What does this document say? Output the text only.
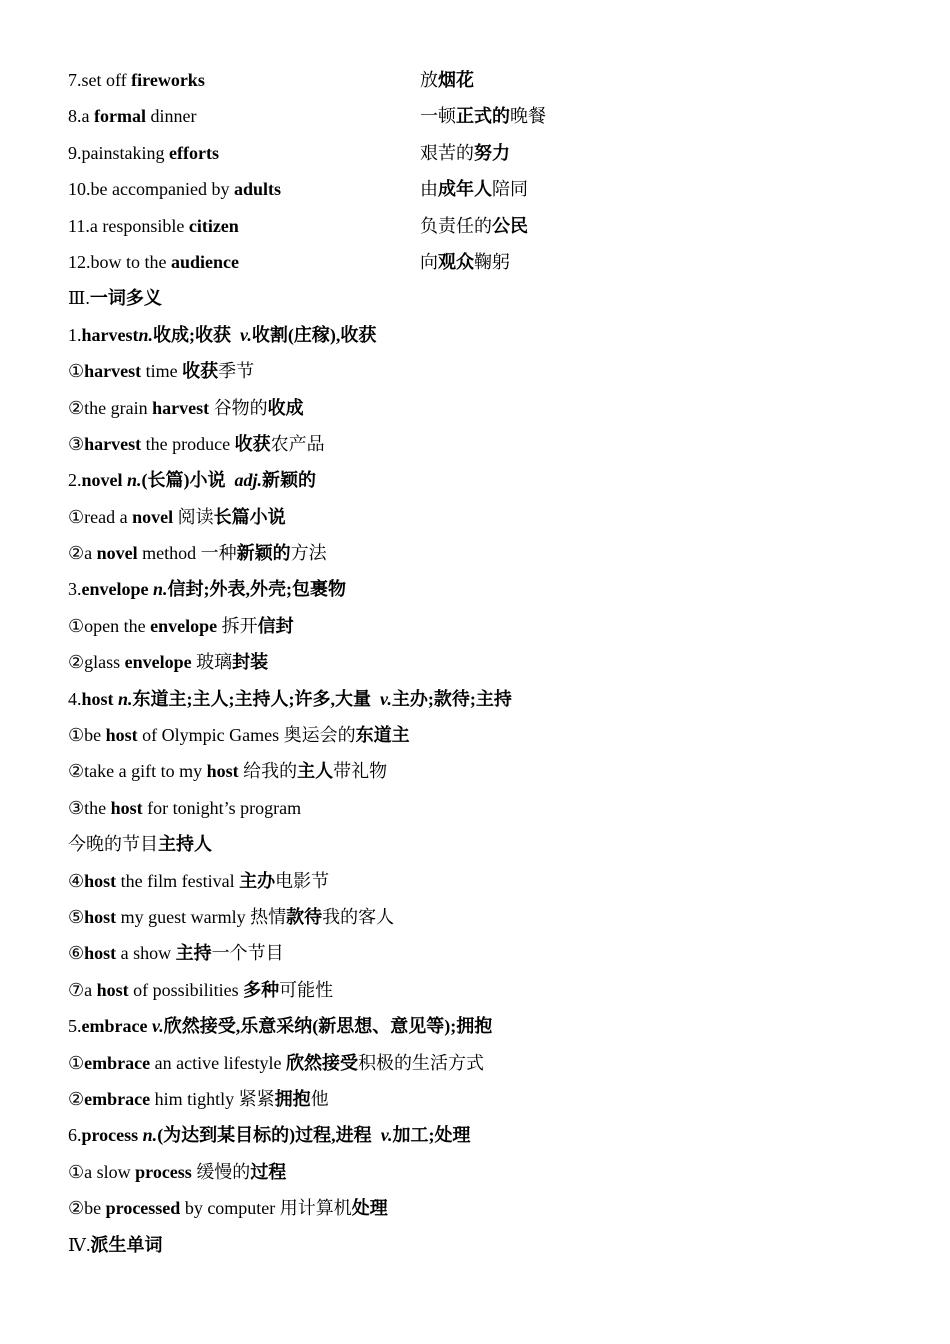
7.set off fireworks	放烟花
8.a formal dinner	一顿正式的晚餐
9.painstaking efforts	艰苦的努力
10.be accompanied by adults	由成年人陪同
11.a responsible citizen	负责任的公民
12.bow to the audience	向观众鞠躬
Ⅲ.一词多义
1.harvestn.收成;收获 v.收割(庄稼),收获
①harvest time 收获季节
②the grain harvest 谷物的收成
③harvest the produce 收获农产品
2.novel n.(长篇)小说 adj.新颖的
①read a novel 阅读长篇小说
②a novel method 一种新颖的方法
3.envelope n.信封;外表,外壳;包裹物
①open the envelope 拆开信封
②glass envelope 玻璃封装
4.host n.东道主;主人;主持人;许多,大量 v.主办;款待;主持
①be host of Olympic Games 奥运会的东道主
②take a gift to my host 给我的主人带礼物
③the host for tonight’s program
今晚的节目主持人
④host the film festival 主办电影节
⑤host my guest warmly 热情款待我的客人
⑥host a show 主持一个节目
⑦a host of possibilities 多种可能性
5.embrace v.欣然接受,乐意采纳(新思想、意见等);拥抱
①embrace an active lifestyle 欣然接受积极的生活方式
②embrace him tightly 紧紧拥抱他
6.process n.(为达到某目标的)过程,进程 v.加工;处理
①a slow process 缓慢的过程
②be processed by computer 用计算机处理
Ⅳ.派生单词
